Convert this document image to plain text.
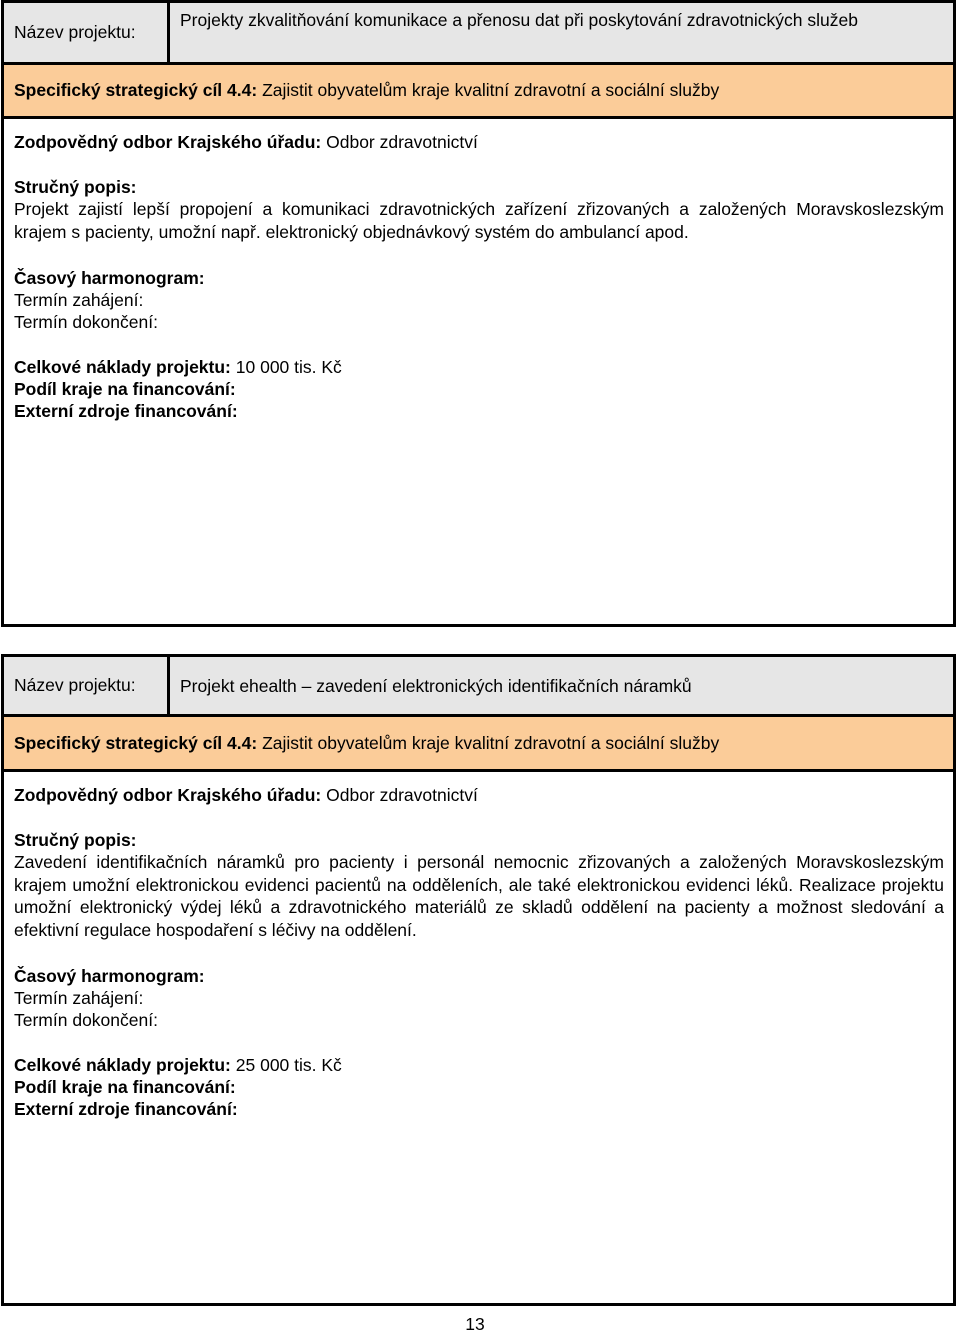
Název projektu:
Projekty zkvalitňování komunikace a přenosu dat při poskytování zdravotnických služeb
Specifický strategický cíl 4.4:
Zajistit obyvatelům kraje kvalitní zdravotní a sociální služby
Zodpovědný odbor Krajského úřadu: Odbor zdravotnictví
Stručný popis:
Projekt zajistí lepší propojení a komunikaci zdravotnických zařízení zřizovaných a založených Moravskoslezským krajem s pacienty, umožní např. elektronický objednávkový systém do ambulancí apod.
Časový harmonogram:
Termín zahájení:
Termín dokončení:
Celkové náklady projektu: 10 000 tis. Kč
Podíl kraje na financování:
Externí zdroje financování:
Název projektu:	Projekt ehealth – zavedení elektronických identifikačních náramků
Specifický strategický cíl 4.4:
Zajistit obyvatelům kraje kvalitní zdravotní a sociální služby
Zodpovědný odbor Krajského úřadu: Odbor zdravotnictví
Stručný popis:
Zavedení identifikačních náramků pro pacienty i personál nemocnic zřizovaných a založených Moravskoslezským krajem umožní elektronickou evidenci pacientů na odděleních, ale také elektronickou evidenci léků. Realizace projektu umožní elektronický výdej léků a zdravotnického materiálů ze skladů oddělení na pacienty a možnost sledování a efektivní regulace hospodaření s léčivy na oddělení.
Časový harmonogram:
Termín zahájení:
Termín dokončení:
Celkové náklady projektu: 25 000 tis. Kč
Podíl kraje na financování:
Externí zdroje financování:
13
